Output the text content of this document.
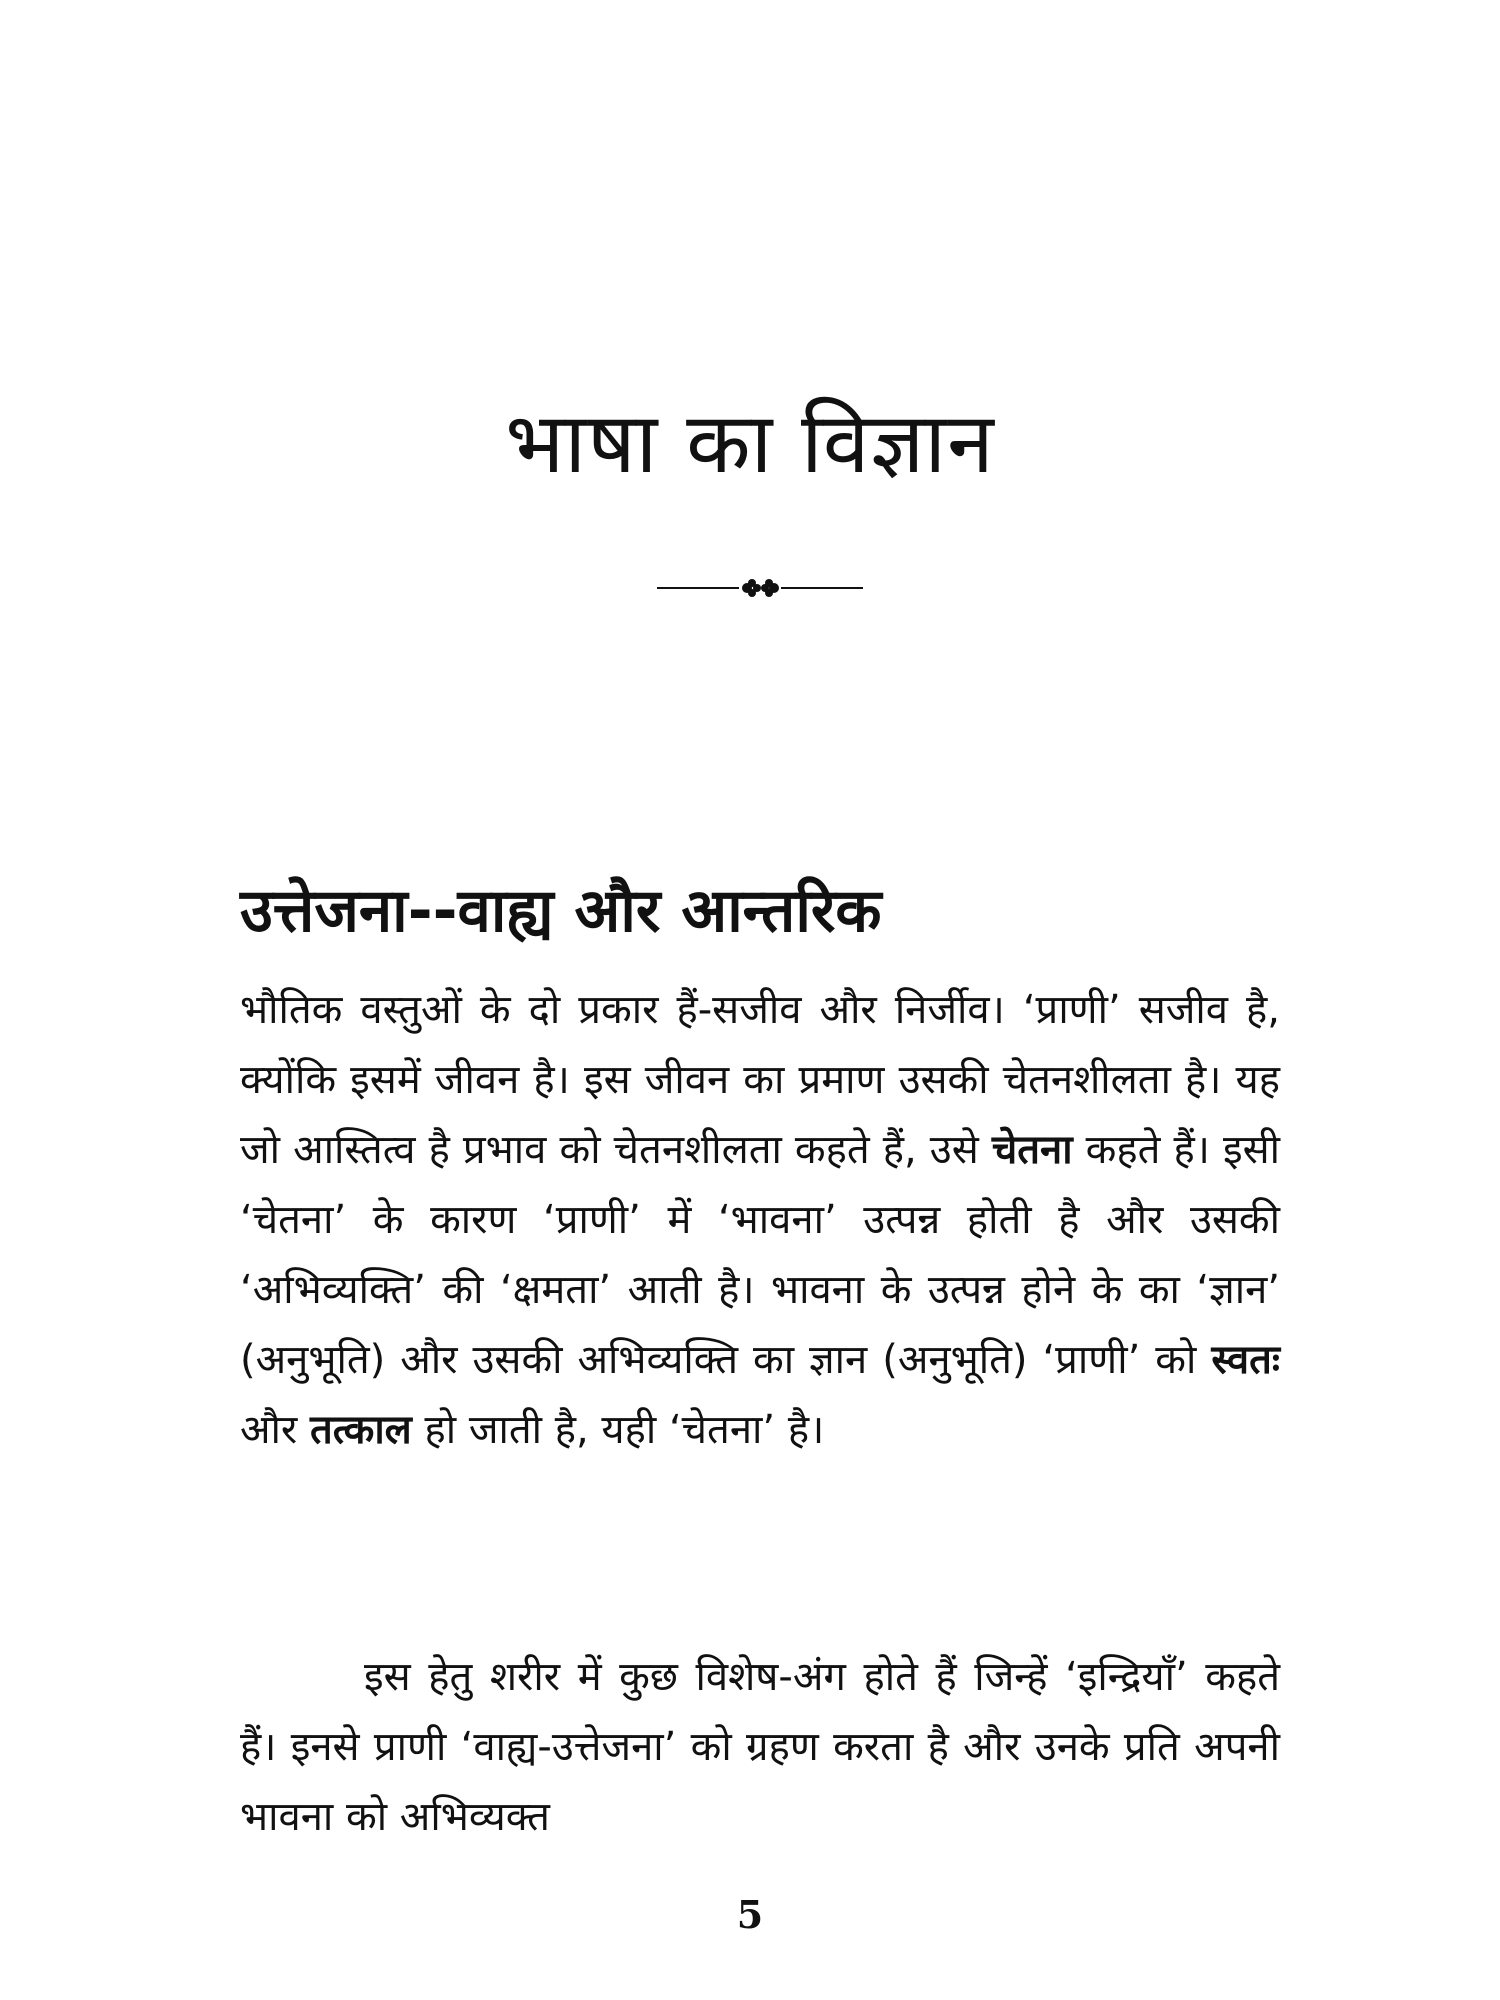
भाषा का विज्ञान
उत्तेजना--वाह्य और आन्तरिक

भौतिक वस्तुओं के दो प्रकार हैं-सजीव और निर्जीव। ‘प्राणी’ सजीव है, क्योंकि इसमें जीवन है। इस जीवन का प्रमाण उसकी चेतनशीलता है। यह जो आस्तित्व है प्रभाव को चेतनशीलता कहते हैं, उसे चेतना कहते हैं। इसी ‘चेतना’ के कारण ‘प्राणी’ में ‘भावना’ उत्पन्न होती है और उसकी ‘अभिव्यक्ति’ की ‘क्षमता’ आती है। भावना के उत्पन्न होने के का ‘ज्ञान’ (अनुभूति) और उसकी अभिव्यक्ति का ज्ञान (अनुभूति) ‘प्राणी’ को स्वतः और तत्काल हो जाती है, यही ‘चेतना’ है।

इस हेतु शरीर में कुछ विशेष-अंग होते हैं जिन्हें ‘इन्द्रियाँ’ कहते हैं। इनसे प्राणी ‘वाह्य-उत्तेजना’ को ग्रहण करता है और उनके प्रति अपनी भावना को अभिव्यक्त

5
